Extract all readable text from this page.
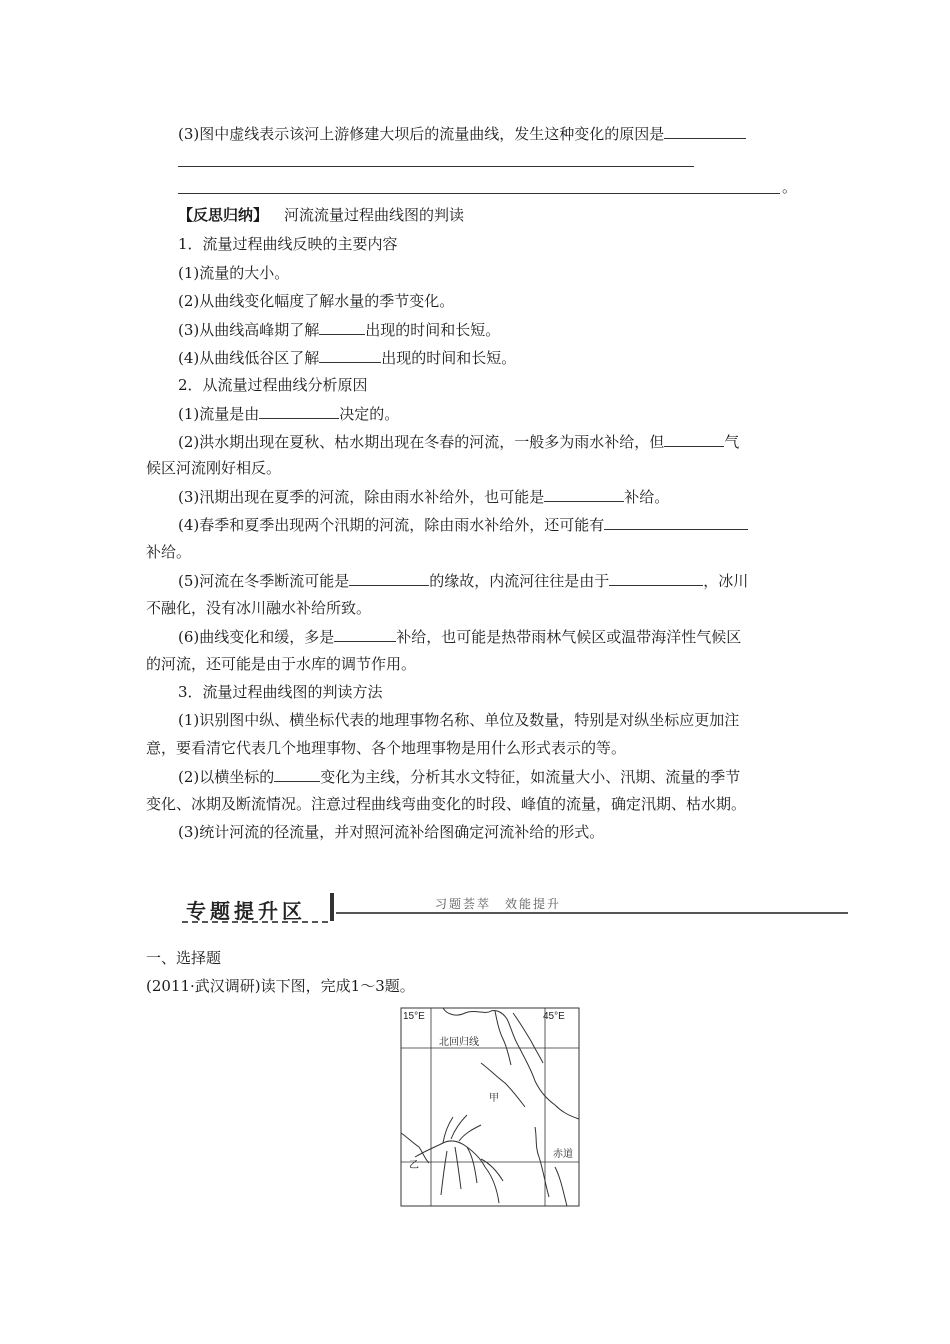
(3)图中虚线表示该河上游修建大坝后的流量曲线，发生这种变化的原因是
。
【反思归纳】 河流流量过程曲线图的判读
1．流量过程曲线反映的主要内容
(1)流量的大小。
(2)从曲线变化幅度了解水量的季节变化。
(3)从曲线高峰期了解	出现的时间和长短。
(4)从曲线低谷区了解	出现的时间和长短。
2．从流量过程曲线分析原因
(1)流量是由	决定的。
(2)洪水期出现在夏秋、枯水期出现在冬春的河流，一般多为雨水补给，但	气
候区河流刚好相反。
(3)汛期出现在夏季的河流，除由雨水补给外，也可能是	补给。
(4)春季和夏季出现两个汛期的河流，除由雨水补给外，还可能有
补给。
(5)河流在冬季断流可能是	的缘故，内流河往往是由于	，冰川
不融化，没有冰川融水补给所致。
(6)曲线变化和缓，多是	补给，也可能是热带雨林气候区或温带海洋性气候区
的河流，还可能是由于水库的调节作用。
3．流量过程曲线图的判读方法
(1)识别图中纵、横坐标代表的地理事物名称、单位及数量，特别是对纵坐标应更加注
意，要看清它代表几个地理事物、各个地理事物是用什么形式表示的等。
(2)以横坐标的	变化为主线，分析其水文特征，如流量大小、汛期、流量的季节
变化、冰期及断流情况。注意过程曲线弯曲变化的时段、峰值的流量，确定汛期、枯水期。
(3)统计河流的径流量，并对照河流补给图确定河流补给的形式。
专题提升区	习题荟萃　效能提升
一、选择题
(2011·武汉调研)读下图，完成1～3题。
15°E	45°E
北回归线
甲
乙
赤道
